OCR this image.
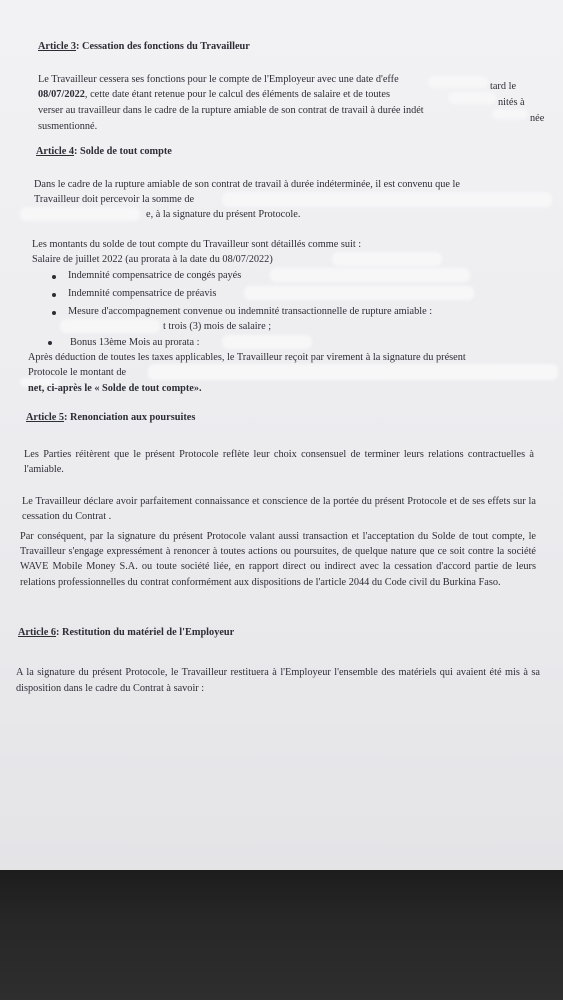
Article 3: Cessation des fonctions du Travailleur
Le Travailleur cessera ses fonctions pour le compte de l'Employeur avec une date d'effe
tard le
08/07/2022, cette date étant retenue pour le calcul des éléments de salaire et de toutes
nités à
verser au travailleur dans le cadre de la rupture amiable de son contrat de travail à durée indét
née
susmentionné.
Article 4: Solde de tout compte
Dans le cadre de la rupture amiable de son contrat de travail à durée indéterminée, il est convenu que le
Travailleur doit percevoir la somme de
e, à la signature du présent Protocole.
Les montants du solde de tout compte du Travailleur sont détaillés comme suit :
Salaire de juillet 2022 (au prorata à la date du 08/07/2022)
Indemnité compensatrice de congés payés
Indemnité compensatrice de préavis
Mesure d'accompagnement convenue ou indemnité transactionnelle de rupture amiable :
t trois (3) mois de salaire ;
Bonus 13ème Mois au prorata :
Après déduction de toutes les taxes applicables, le Travailleur reçoit par virement à la signature du présent
Protocole le montant de
net, ci-après le « Solde de tout compte».
Article 5: Renonciation aux poursuites
Les Parties réitèrent que le présent Protocole reflète leur choix consensuel de terminer leurs relations contractuelles à l'amiable.
Le Travailleur déclare avoir parfaitement connaissance et conscience de la portée du présent Protocole et de ses effets sur la cessation du Contrat .
Par conséquent, par la signature du présent Protocole valant aussi transaction et l'acceptation du Solde de tout compte, le Travailleur s'engage expressément à renoncer à toutes actions ou poursuites, de quelque nature que ce soit contre la société WAVE Mobile Money S.A. ou toute société liée, en rapport direct ou indirect avec la cessation d'accord partie de leurs relations professionnelles du contrat conformément aux dispositions de l'article 2044 du Code civil du Burkina Faso.
Article 6: Restitution du matériel de l'Employeur
A la signature du présent Protocole, le Travailleur restituera à l'Employeur l'ensemble des matériels qui avaient été mis à sa disposition dans le cadre du Contrat à savoir :
